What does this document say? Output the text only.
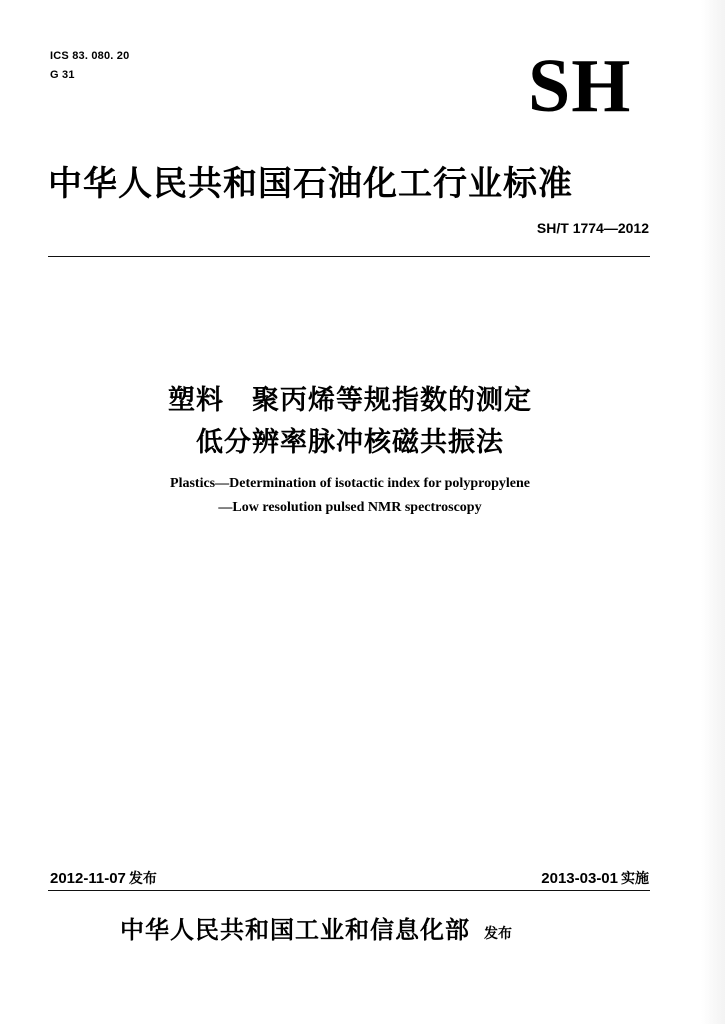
ICS 83. 080. 20
G 31	SH
中华人民共和国石油化工行业标准
SH/T 1774—2012
塑料　聚丙烯等规指数的测定
低分辨率脉冲核磁共振法
Plastics—Determination of isotactic index for polypropylene
—Low resolution pulsed NMR spectroscopy
2012-11-07 发布	2013-03-01 实施
中华人民共和国工业和信息化部 发布
